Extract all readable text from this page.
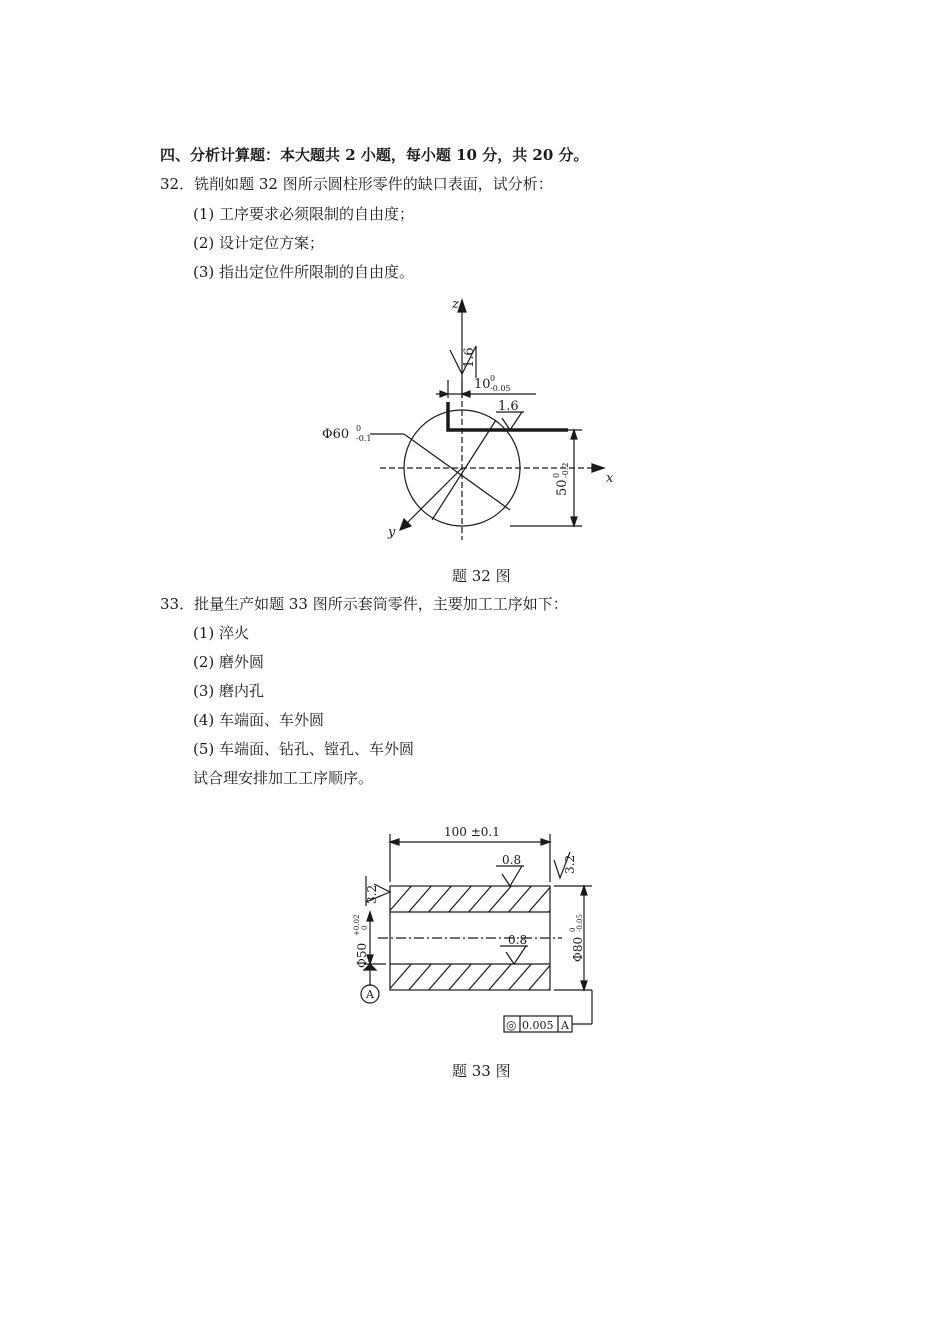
四、分析计算题：本大题共 2 小题，每小题 10 分，共 20 分。
32．铣削如题 32 图所示圆柱形零件的缺口表面，试分析：
(1) 工序要求必须限制的自由度；
(2) 设计定位方案；
(3) 指出定位件所限制的自由度。
z
x
y
1.6
10 0
-0.05
1.6
Φ60 0
-0.1
50
0 -0.2
题 32 图
33．批量生产如题 33 图所示套筒零件，主要加工工序如下：
(1) 淬火
(2) 磨外圆
(3) 磨内孔
(4) 车端面、车外圆
(5) 车端面、钻孔、镗孔、车外圆
试合理安排加工工序顺序。
100 ±0.1
0.8	3.2
3.2
0.8
Φ50
+0.02 0
A
Φ80
0 -0.05
◎ 0.005 A
题 33 图
